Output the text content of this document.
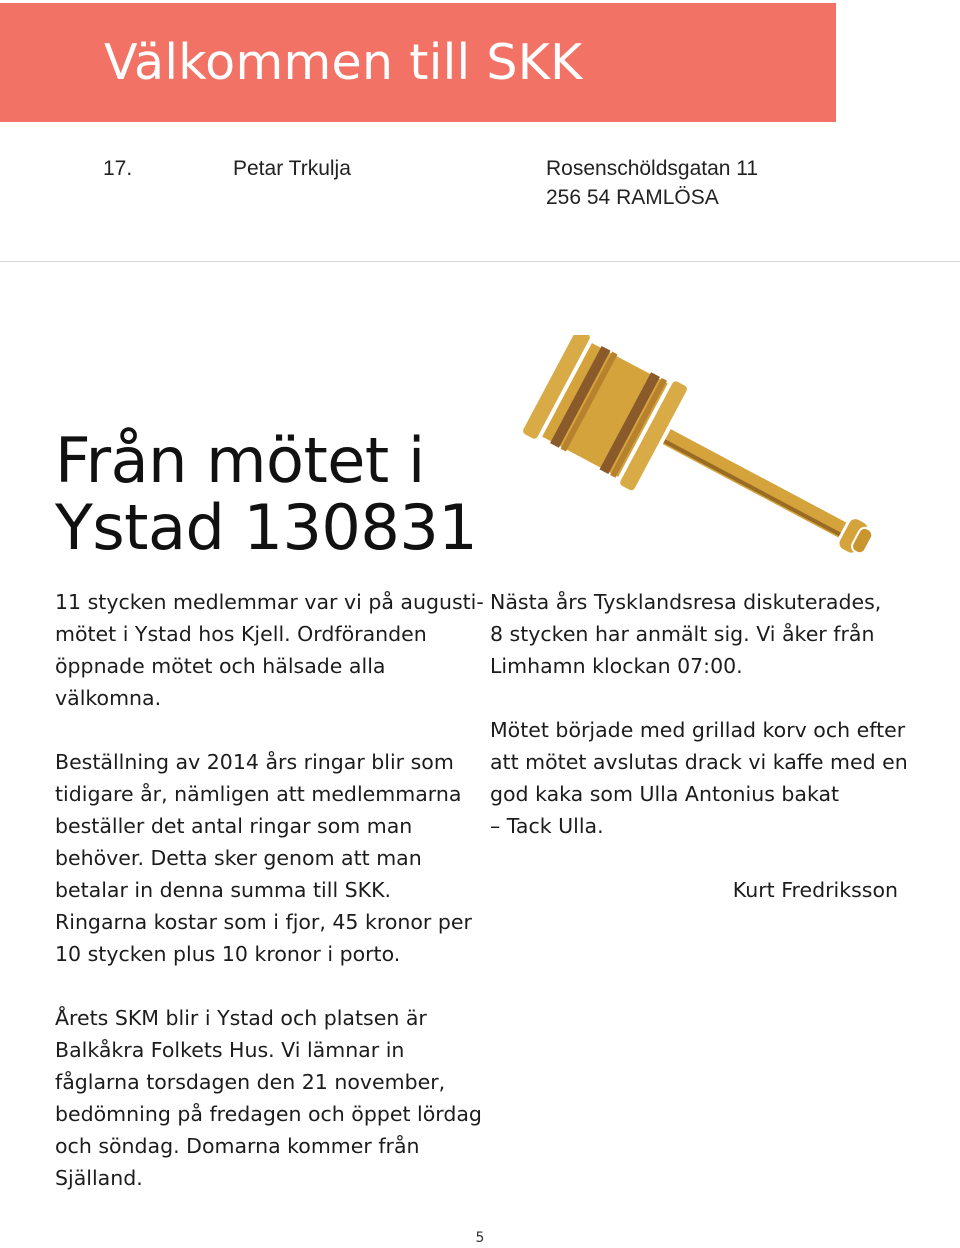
Välkommen till SKK
17.	Petar Trkulja	Rosenschöldsgatan 11
256 54 RAMLÖSA
Från mötet i
Ystad 130831
11 stycken medlemmar var vi på augusti-
mötet i Ystad hos Kjell. Ordföranden
öppnade mötet och hälsade alla
välkomna.
Beställning av 2014 års ringar blir som
tidigare år, nämligen att medlemmarna
beställer det antal ringar som man
behöver. Detta sker genom att man
betalar in denna summa till SKK.
Ringarna kostar som i fjor, 45 kronor per
10 stycken plus 10 kronor i porto.
Nästa års Tysklandsresa diskuterades,
8 stycken har anmält sig. Vi åker från
Limhamn klockan 07:00.
Mötet började med grillad korv och efter
att mötet avslutas drack vi kaffe med en
god kaka som Ulla Antonius bakat
– Tack Ulla.
Kurt Fredriksson
Årets SKM blir i Ystad och platsen är
Balkåkra Folkets Hus. Vi lämnar in
fåglarna torsdagen den 21 november,
bedömning på fredagen och öppet lördag
och söndag. Domarna kommer från
Själland.
5
